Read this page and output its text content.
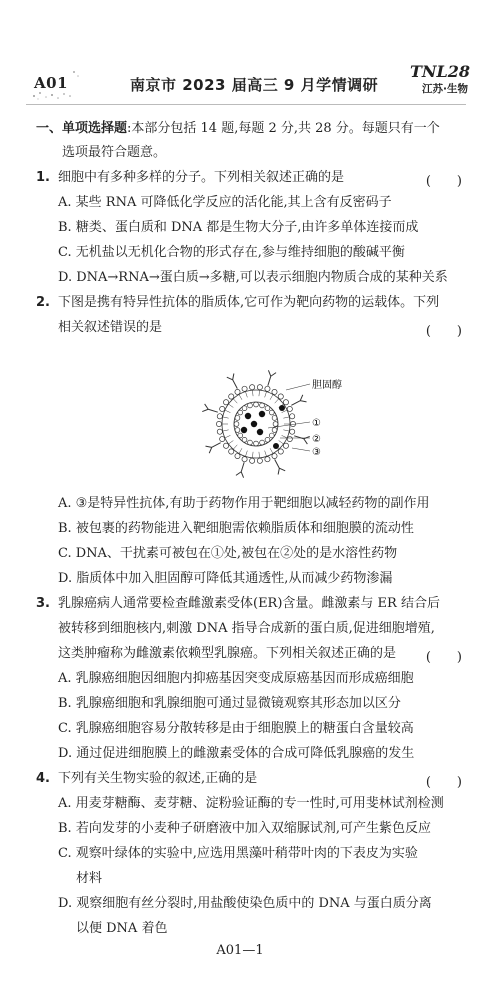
A01	南京市 2023 届高三 9 月学情调研
TNL28
江苏·生物
一、单项选择题:本部分包括 14 题,每题 2 分,共 28 分。每题只有一个
选项最符合题意。
1. 细胞中有多种多样的分子。下列相关叙述正确的是	(　　)
A. 某些 RNA 可降低化学反应的活化能,其上含有反密码子
B. 糖类、蛋白质和 DNA 都是生物大分子,由许多单体连接而成
C. 无机盐以无机化合物的形式存在,参与维持细胞的酸碱平衡
D. DNA→RNA→蛋白质→多糖,可以表示细胞内物质合成的某种关系
2. 下图是携有特异性抗体的脂质体,它可作为靶向药物的运载体。下列
相关叙述错误的是	(　　)
胆固醇
①
②
③
A. ③是特异性抗体,有助于药物作用于靶细胞以减轻药物的副作用
B. 被包裹的药物能进入靶细胞需依赖脂质体和细胞膜的流动性
C. DNA、干扰素可被包在①处,被包在②处的是水溶性药物
D. 脂质体中加入胆固醇可降低其通透性,从而减少药物渗漏
3. 乳腺癌病人通常要检查雌激素受体(ER)含量。雌激素与 ER 结合后
被转移到细胞核内,刺激 DNA 指导合成新的蛋白质,促进细胞增殖,
这类肿瘤称为雌激素依赖型乳腺癌。下列相关叙述正确的是 (　　)
A. 乳腺癌细胞因细胞内抑癌基因突变成原癌基因而形成癌细胞
B. 乳腺癌细胞和乳腺细胞可通过显微镜观察其形态加以区分
C. 乳腺癌细胞容易分散转移是由于细胞膜上的糖蛋白含量较高
D. 通过促进细胞膜上的雌激素受体的合成可降低乳腺癌的发生
4. 下列有关生物实验的叙述,正确的是	(　　)
A. 用麦芽糖酶、麦芽糖、淀粉验证酶的专一性时,可用斐林试剂检测
B. 若向发芽的小麦种子研磨液中加入双缩脲试剂,可产生紫色反应
C. 观察叶绿体的实验中,应选用黑藻叶稍带叶肉的下表皮为实验
材料
D. 观察细胞有丝分裂时,用盐酸使染色质中的 DNA 与蛋白质分离
以便 DNA 着色
A01—1
